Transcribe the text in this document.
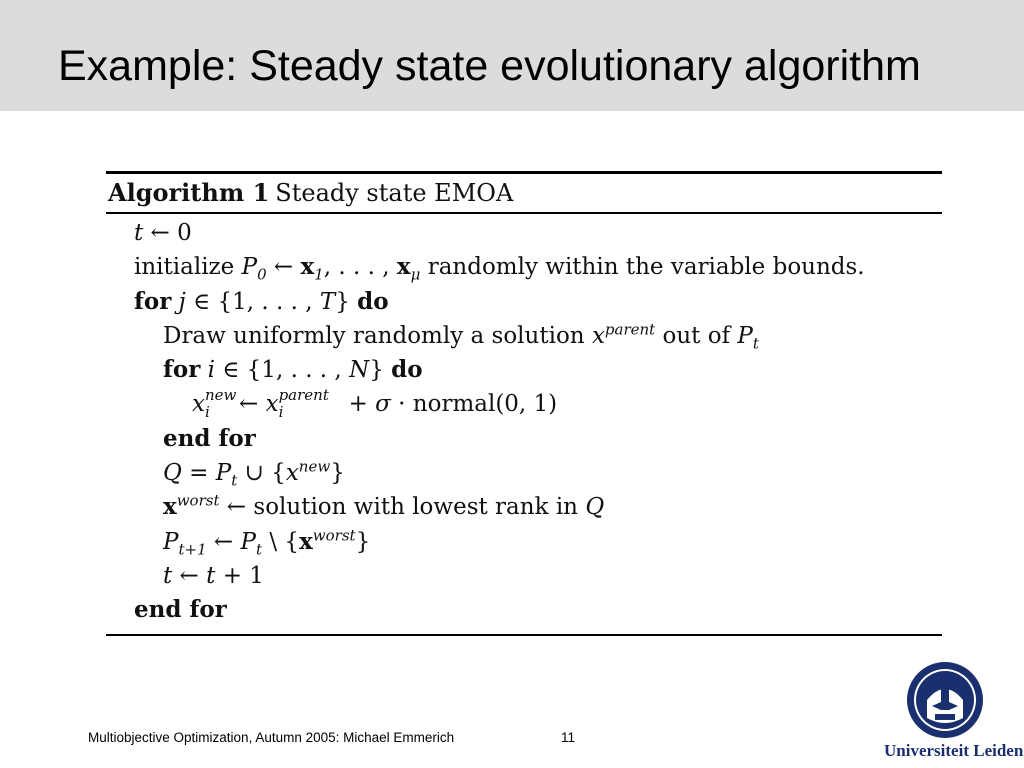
Example: Steady state evolutionary algorithm
Algorithm 1 Steady state EMOA
t ← 0
initialize $P_0$ ← $x_1$, . . . , $x_\mu$ randomly within the variable bounds.
for j ∈ {1, . . . , T} do
Draw uniformly randomly a solution $x^{parent}$ out of $P_t$
for i ∈ {1, . . . , N} do
x new
i ← x parent
i	+ σ · normal(0, 1)
end for
$Q = P_t$ ∪ $\{x^{new}\}$
$x^{worst}$ ← solution with lowest rank in Q
$P_{t+1}$ ← $P_t$ \ $\{x^{worst}\}$
t ← t + 1
end for
Multiobjective Optimization, Autumn 2005: Michael Emmerich	11
Universiteit Leiden
